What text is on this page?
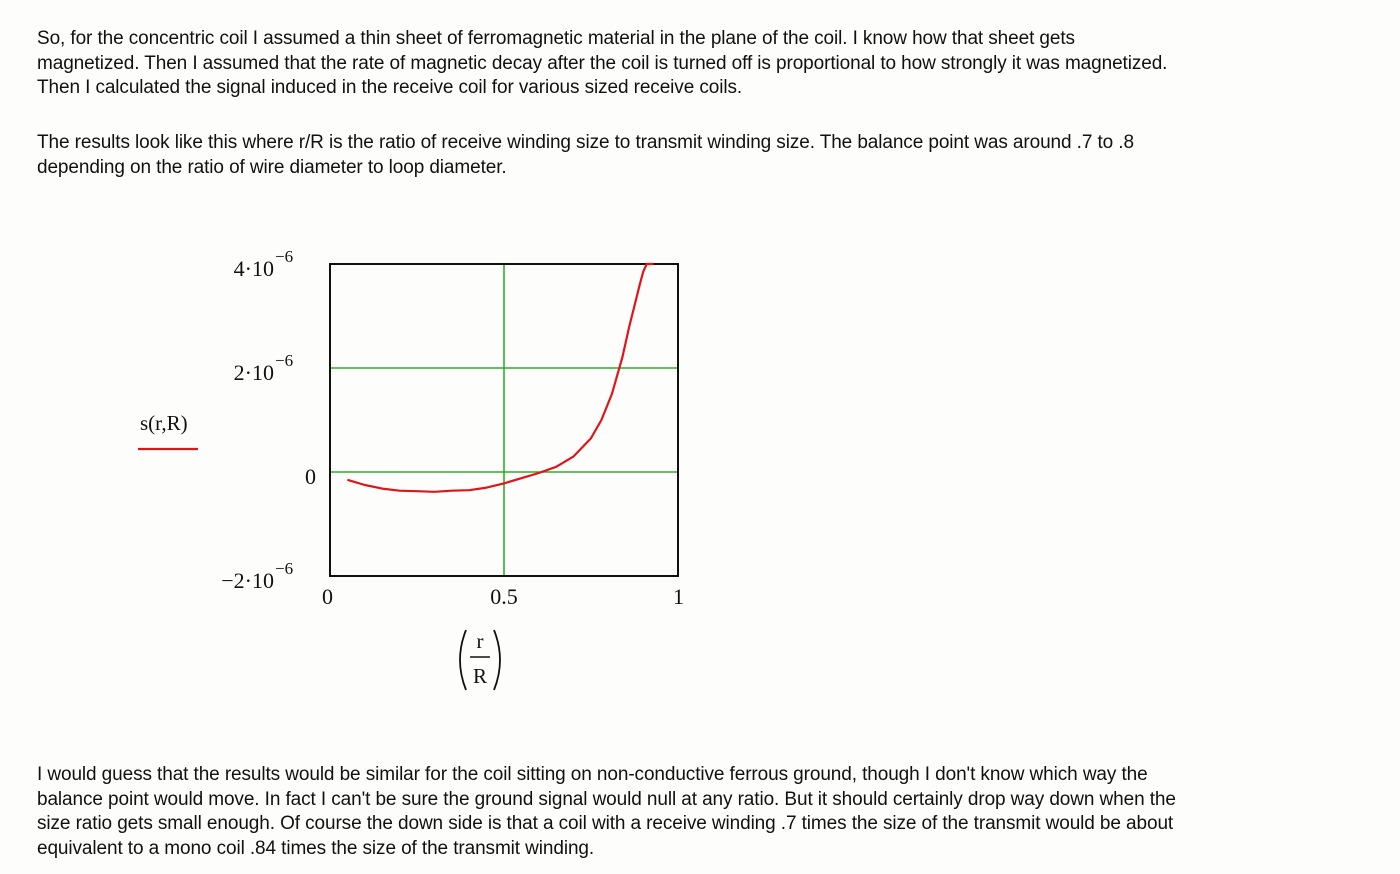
So, for the concentric coil I assumed a thin sheet of ferromagnetic material in the plane of the coil. I know how that sheet gets
magnetized. Then I assumed that the rate of magnetic decay after the coil is turned off is proportional to how strongly it was magnetized.
Then I calculated the signal induced in the receive coil for various sized receive coils.

The results look like this where r/R is the ratio of receive winding size to transmit winding size. The balance point was around .7 to .8
depending on the ratio of wire diameter to loop diameter.

4·10 −6
2·10 −6
0
−2·10 −6
0	0.5	1
s(r,R)
r
R

I would guess that the results would be similar for the coil sitting on non-conductive ferrous ground, though I don't know which way the
balance point would move. In fact I can't be sure the ground signal would null at any ratio. But it should certainly drop way down when the
size ratio gets small enough. Of course the down side is that a coil with a receive winding .7 times the size of the transmit would be about
equivalent to a mono coil .84 times the size of the transmit winding.
